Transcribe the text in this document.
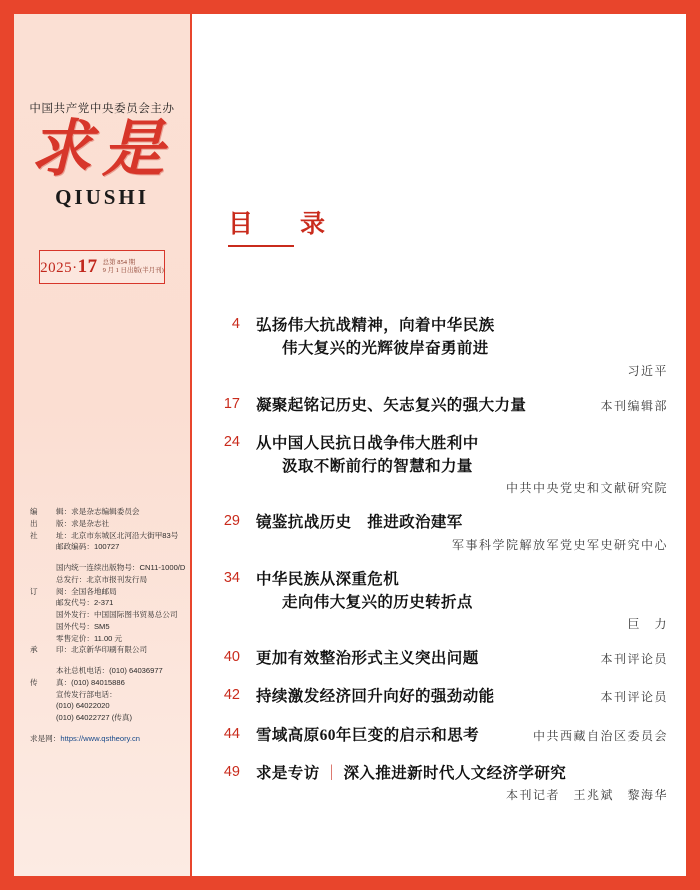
中国共产党中央委员会主办
求是
QIUSHI
2025·17 总第 854 期
9 月 1 日出版(半月刊)
编 辑：求是杂志编辑委员会
出 版：求是杂志社
社 址：北京市东城区北河沿大街甲83号
邮政编码：100727
国内统一连续出版物号：CN11-1000/D
总发行：北京市报刊发行局
订 阅：全国各地邮局
邮发代号：2-371
国外发行：中国国际图书贸易总公司
国外代号：SM5
零售定价：11.00 元
承 印：北京新华印刷有限公司
本社总机电话：(010) 64036977
传 真：(010) 84015886
宣传发行部电话：
(010) 64022020
(010) 64022727 (传真)
求是网：https://www.qstheory.cn
目　录
4 弘扬伟大抗战精神，向着中华民族
伟大复兴的光辉彼岸奋勇前进
习近平
17 凝聚起铭记历史、矢志复兴的强大力量	本刊编辑部
24 从中国人民抗日战争伟大胜利中
汲取不断前行的智慧和力量
中共中央党史和文献研究院
29 镜鉴抗战历史　推进政治建军
军事科学院解放军党史军史研究中心
34 中华民族从深重危机
走向伟大复兴的历史转折点
巨　力
40 更加有效整治形式主义突出问题	本刊评论员
42 持续激发经济回升向好的强劲动能	本刊评论员
44 雪域高原60年巨变的启示和思考	中共西藏自治区委员会
49 求是专访 ｜ 深入推进新时代人文经济学研究
本刊记者　王兆斌　黎海华
